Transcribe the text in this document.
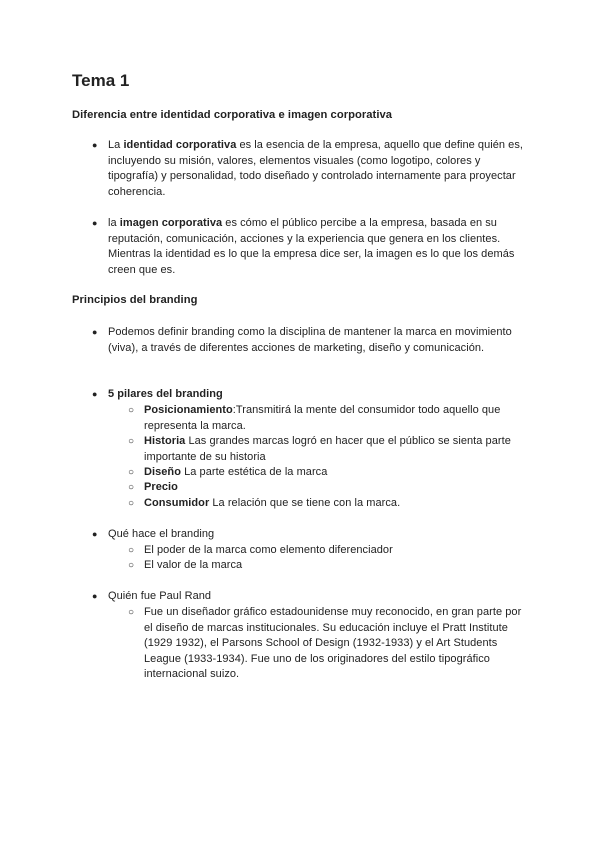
Tema 1

Diferencia entre identidad corporativa e imagen corporativa

● La identidad corporativa es la esencia de la empresa, aquello que define quién es, incluyendo su misión, valores, elementos visuales (como logotipo, colores y tipografía) y personalidad, todo diseñado y controlado internamente para proyectar coherencia.
● la imagen corporativa es cómo el público percibe a la empresa, basada en su reputación, comunicación, acciones y la experiencia que genera en los clientes. Mientras la identidad es lo que la empresa dice ser, la imagen es lo que los demás creen que es.

Principios del branding

● Podemos definir branding como la disciplina de mantener la marca en movimiento (viva), a través de diferentes acciones de marketing, diseño y comunicación.
● 5 pilares del branding
○ Posicionamiento:Transmitirá la mente del consumidor todo aquello que representa la marca.
○ Historia Las grandes marcas logró en hacer que el público se sienta parte importante de su historia
○ Diseño La parte estética de la marca
○ Precio
○ Consumidor La relación que se tiene con la marca.
● Qué hace el branding
○ El poder de la marca como elemento diferenciador
○ El valor de la marca
● Quién fue Paul Rand
○ Fue un diseñador gráfico estadounidense muy reconocido, en gran parte por el diseño de marcas institucionales. Su educación incluye el Pratt Institute (1929 1932), el Parsons School of Design (1932-1933) y el Art Students League (1933-1934). Fue uno de los originadores del estilo tipográfico internacional suizo.
